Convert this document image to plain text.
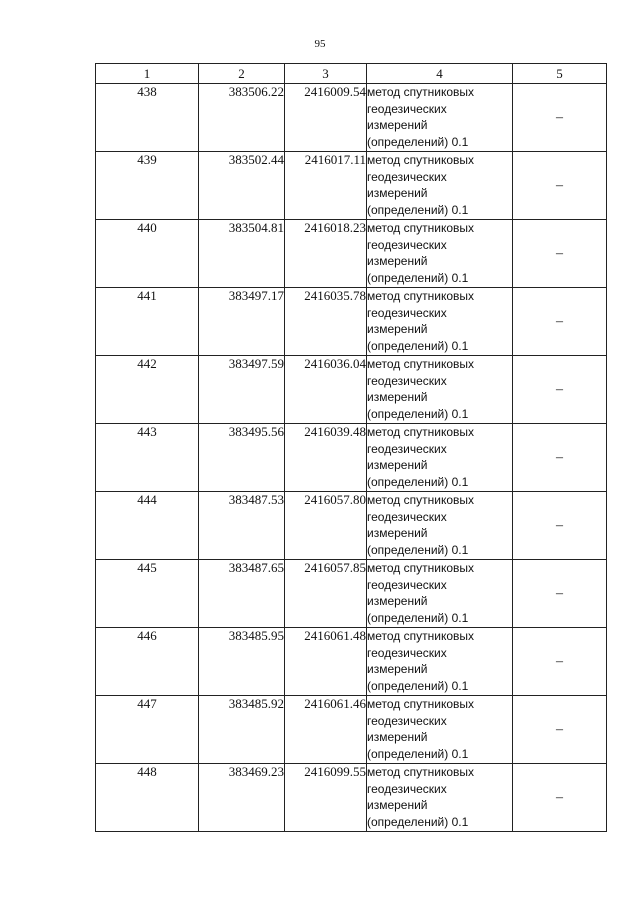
95
1	2	3	4	5
438	383506.22	2416009.54	метод спутниковых
геодезических
измерений
(определений) 0.1	–
439	383502.44	2416017.11	метод спутниковых
геодезических
измерений
(определений) 0.1	–
440	383504.81	2416018.23	метод спутниковых
геодезических
измерений
(определений) 0.1	–
441	383497.17	2416035.78	метод спутниковых
геодезических
измерений
(определений) 0.1	–
442	383497.59	2416036.04	метод спутниковых
геодезических
измерений
(определений) 0.1	–
443	383495.56	2416039.48	метод спутниковых
геодезических
измерений
(определений) 0.1	–
444	383487.53	2416057.80	метод спутниковых
геодезических
измерений
(определений) 0.1	–
445	383487.65	2416057.85	метод спутниковых
геодезических
измерений
(определений) 0.1	–
446	383485.95	2416061.48	метод спутниковых
геодезических
измерений
(определений) 0.1	–
447	383485.92	2416061.46	метод спутниковых
геодезических
измерений
(определений) 0.1	–
448	383469.23	2416099.55	метод спутниковых
геодезических
измерений
(определений) 0.1	–
